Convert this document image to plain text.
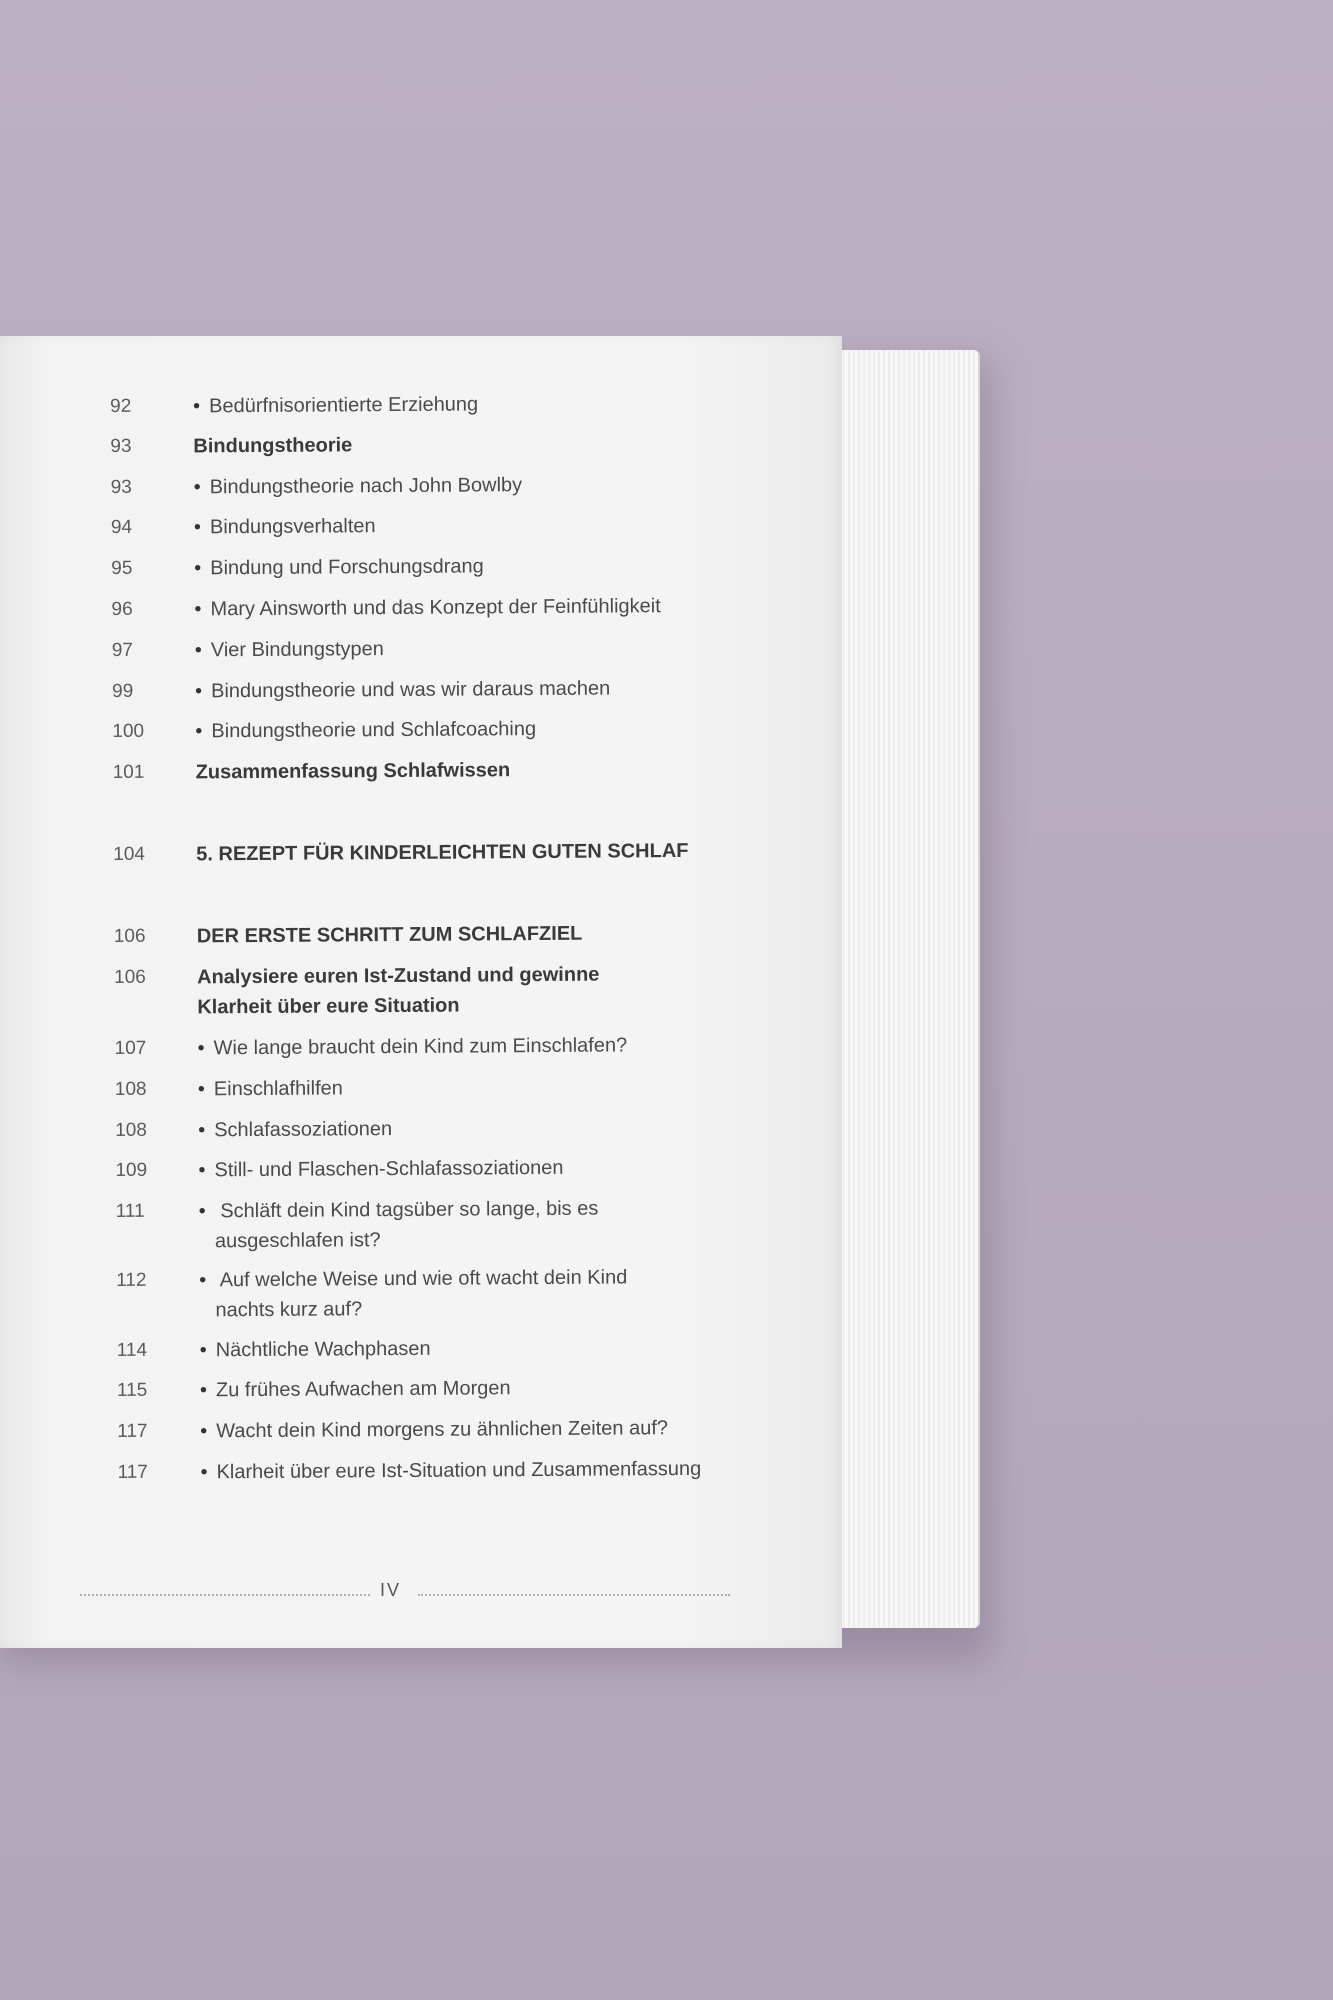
92	• Bedürfnisorientierte Erziehung
93	Bindungstheorie
93	• Bindungstheorie nach John Bowlby
94	• Bindungsverhalten
95	• Bindung und Forschungsdrang
96	• Mary Ainsworth und das Konzept der Feinfühligkeit
97	• Vier Bindungstypen
99	• Bindungstheorie und was wir daraus machen
100	• Bindungstheorie und Schlafcoaching
101	Zusammenfassung Schlafwissen
104	5. REZEPT FÜR KINDERLEICHTEN GUTEN SCHLAF
106	DER ERSTE SCHRITT ZUM SCHLAFZIEL
106	Analysiere euren Ist-Zustand und gewinne
Klarheit über eure Situation
107	• Wie lange braucht dein Kind zum Einschlafen?
108	• Einschlafhilfen
108	• Schlafassoziationen
109	• Still- und Flaschen-Schlafassoziationen
111	• Schläft dein Kind tagsüber so lange, bis es

ausgeschlafen ist?
112	• Auf welche Weise und wie oft wacht dein Kind

nachts kurz auf?
114	• Nächtliche Wachphasen
115	• Zu frühes Aufwachen am Morgen
117	• Wacht dein Kind morgens zu ähnlichen Zeiten auf?
117	• Klarheit über eure Ist-Situation und Zusammenfassung
IV
